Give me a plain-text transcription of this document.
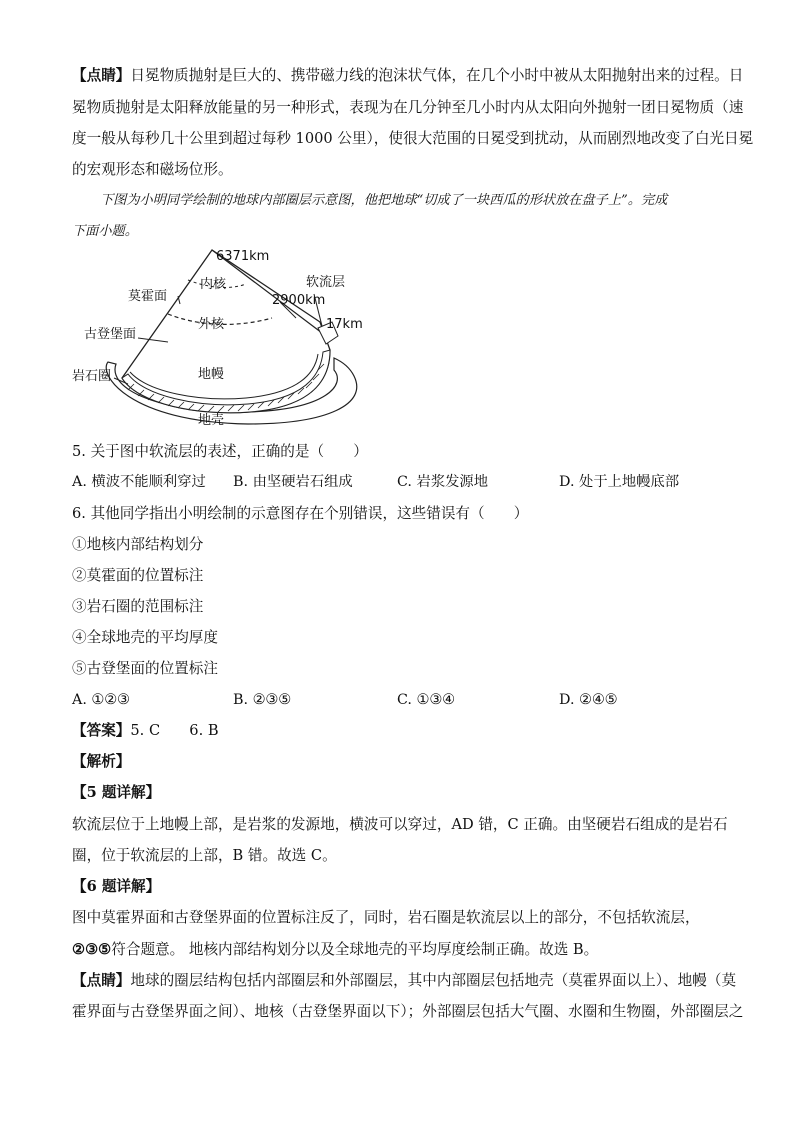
【点睛】日冕物质抛射是巨大的、携带磁力线的泡沫状气体，在几个小时中被从太阳抛射出来的过程。日
冕物质抛射是太阳释放能量的另一种形式，表现为在几分钟至几小时内从太阳向外抛射一团日冕物质（速
度一般从每秒几十公里到超过每秒 1000 公里），使很大范围的日冕受到扰动，从而剧烈地改变了白光日冕
的宏观形态和磁场位形。
下图为小明同学绘制的地球内部圈层示意图，他把地球“切成了一块西瓜的形状放在盘子上”。完成
下面小题。
6371km
内核
莫霍面
软流层
2900km
外核	17km
古登堡面
地幔
岩石圈
地壳
5. 关于图中软流层的表述，正确的是（　　）
A. 横波不能顺利穿过 B. 由坚硬岩石组成	C. 岩浆发源地	D. 处于上地幔底部
6. 其他同学指出小明绘制的示意图存在个别错误，这些错误有（　　）
①地核内部结构划分
②莫霍面的位置标注
③岩石圈的范围标注
④全球地壳的平均厚度
⑤古登堡面的位置标注
A. ①②③	B. ②③⑤	C. ①③④	D. ②④⑤
【答案】5. C　　6. B
【解析】
【5 题详解】
软流层位于上地幔上部，是岩浆的发源地，横波可以穿过，AD 错，C 正确。由坚硬岩石组成的是岩石
圈，位于软流层的上部，B 错。故选 C。
【6 题详解】
图中莫霍界面和古登堡界面的位置标注反了，同时，岩石圈是软流层以上的部分，不包括软流层，
②③⑤符合题意。 地核内部结构划分以及全球地壳的平均厚度绘制正确。故选 B。
【点睛】地球的圈层结构包括内部圈层和外部圈层，其中内部圈层包括地壳（莫霍界面以上）、地幔（莫
霍界面与古登堡界面之间）、地核（古登堡界面以下）；外部圈层包括大气圈、水圈和生物圈，外部圈层之
